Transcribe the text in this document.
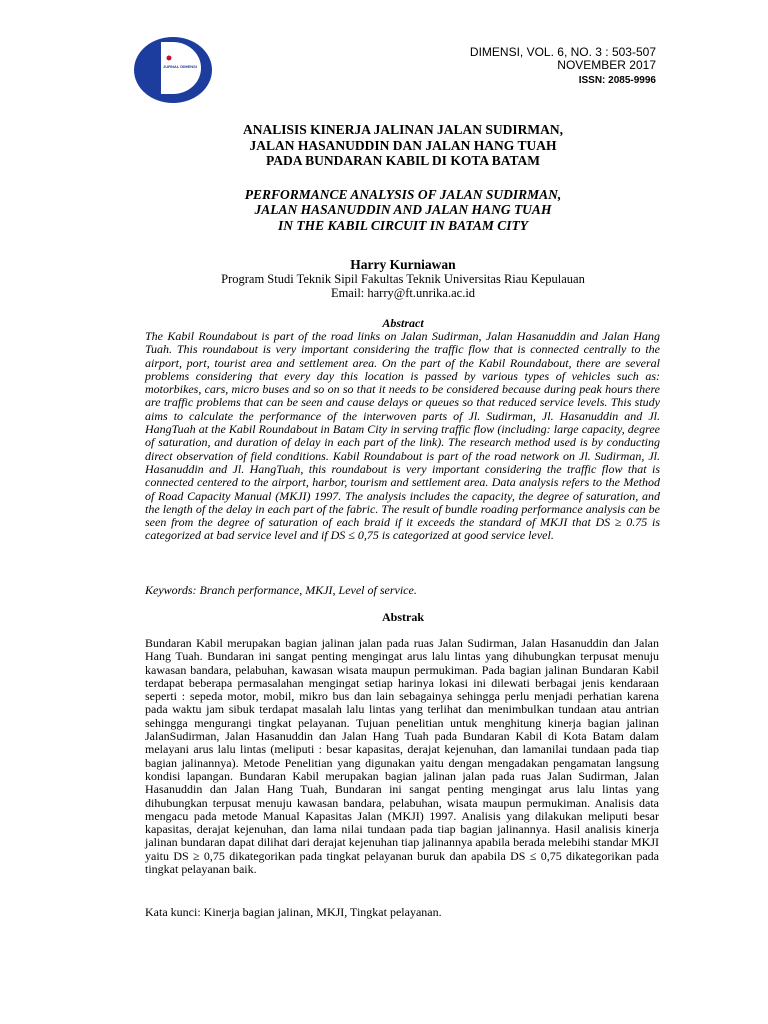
JURNAL DIMENSI
DIMENSI, VOL. 6, NO. 3 : 503-507
NOVEMBER 2017
ISSN: 2085-9996
ANALISIS KINERJA JALINAN JALAN SUDIRMAN,
JALAN HASANUDDIN DAN JALAN HANG TUAH
PADA BUNDARAN KABIL DI KOTA BATAM
PERFORMANCE ANALYSIS OF JALAN SUDIRMAN,
JALAN HASANUDDIN AND JALAN HANG TUAH
IN THE KABIL CIRCUIT IN BATAM CITY
Harry Kurniawan
Program Studi Teknik Sipil Fakultas Teknik Universitas Riau Kepulauan
Email: harry@ft.unrika.ac.id
Abstract

The Kabil Roundabout is part of the road links on Jalan Sudirman, Jalan Hasanuddin and Jalan Hang Tuah. This roundabout is very important considering the traffic flow that is connected centrally to the airport, port, tourist area and settlement area. On the part of the Kabil Roundabout, there are several problems considering that every day this location is passed by various types of vehicles such as: motorbikes, cars, micro buses and so on so that it needs to be considered because during peak hours there are traffic problems that can be seen and cause delays or queues so that reduced service levels. This study aims to calculate the performance of the interwoven parts of Jl. Sudirman, Jl. Hasanuddin and Jl. HangTuah at the Kabil Roundabout in Batam City in serving traffic flow (including: large capacity, degree of saturation, and duration of delay in each part of the link). The research method used is by conducting direct observation of field conditions. Kabil Roundabout is part of the road network on Jl. Sudirman, Jl. Hasanuddin and Jl. HangTuah, this roundabout is very important considering the traffic flow that is connected centered to the airport, harbor, tourism and settlement area. Data analysis refers to the Method of Road Capacity Manual (MKJI) 1997. The analysis includes the capacity, the degree of saturation, and the length of the delay in each part of the fabric. The result of bundle roading performance analysis can be seen from the degree of saturation of each braid if it exceeds the standard of MKJI that DS ≥ 0.75 is categorized at bad service level and if DS ≤ 0,75 is categorized at good service level.

Keywords: Branch performance, MKJI, Level of service.

Abstrak

Bundaran Kabil merupakan bagian jalinan jalan pada ruas Jalan Sudirman, Jalan Hasanuddin dan Jalan Hang Tuah. Bundaran ini sangat penting mengingat arus lalu lintas yang dihubungkan terpusat menuju kawasan bandara, pelabuhan, kawasan wisata maupun permukiman. Pada bagian jalinan Bundaran Kabil terdapat beberapa permasalahan mengingat setiap harinya lokasi ini dilewati berbagai jenis kendaraan seperti : sepeda motor, mobil, mikro bus dan lain sebagainya sehingga perlu menjadi perhatian karena pada waktu jam sibuk terdapat masalah lalu lintas yang terlihat dan menimbulkan tundaan atau antrian sehingga mengurangi tingkat pelayanan. Tujuan penelitian untuk menghitung kinerja bagian jalinan JalanSudirman, Jalan Hasanuddin dan Jalan Hang Tuah pada Bundaran Kabil di Kota Batam dalam melayani arus lalu lintas (meliputi : besar kapasitas, derajat kejenuhan, dan lamanilai tundaan pada tiap bagian jalinannya). Metode Penelitian yang digunakan yaitu dengan mengadakan pengamatan langsung kondisi lapangan. Bundaran Kabil merupakan bagian jalinan jalan pada ruas Jalan Sudirman, Jalan Hasanuddin dan Jalan Hang Tuah, Bundaran ini sangat penting mengingat arus lalu lintas yang dihubungkan terpusat menuju kawasan bandara, pelabuhan, wisata maupun permukiman. Analisis data mengacu pada metode Manual Kapasitas Jalan (MKJI) 1997. Analisis yang dilakukan meliputi besar kapasitas, derajat kejenuhan, dan lama nilai tundaan pada tiap bagian jalinannya. Hasil analisis kinerja jalinan bundaran dapat dilihat dari derajat kejenuhan tiap jalinannya apabila berada melebihi standar MKJI yaitu DS ≥ 0,75 dikategorikan pada tingkat pelayanan buruk dan apabila DS ≤ 0,75 dikategorikan pada tingkat pelayanan baik.

Kata kunci: Kinerja bagian jalinan, MKJI, Tingkat pelayanan.
